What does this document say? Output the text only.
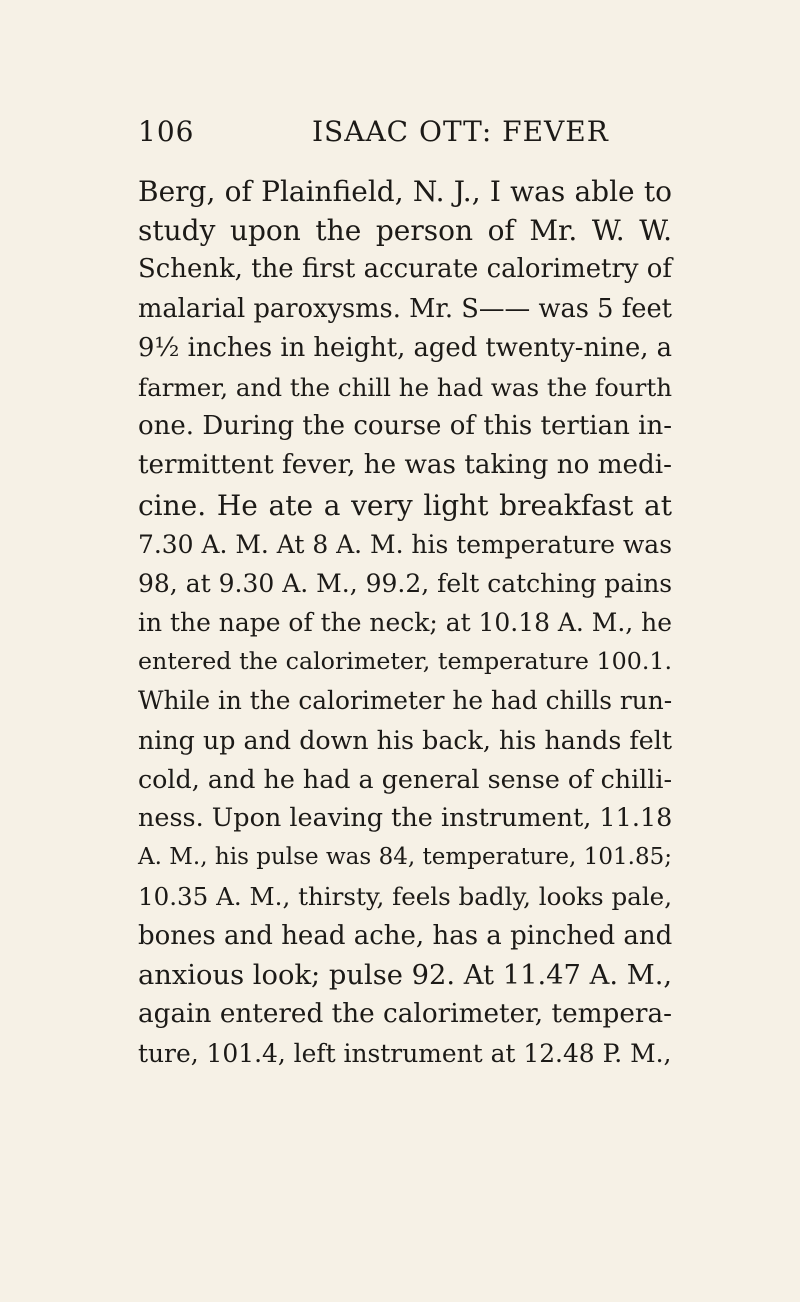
106	ISAAC OTT: FEVER
Berg, of Plainfield, N. J., I was able to
study upon the person of Mr. W. W.
Schenk, the first accurate calorimetry of
malarial paroxysms. Mr. S—— was 5 feet
9½ inches in height, aged twenty-nine, a
farmer, and the chill he had was the fourth
one. During the course of this tertian in-
termittent fever, he was taking no medi-
cine. He ate a very light breakfast at
7.30 A. M. At 8 A. M. his temperature was
98, at 9.30 A. M., 99.2, felt catching pains
in the nape of the neck; at 10.18 A. M., he
entered the calorimeter, temperature 100.1.
While in the calorimeter he had chills run-
ning up and down his back, his hands felt
cold, and he had a general sense of chilli-
ness. Upon leaving the instrument, 11.18
A. M., his pulse was 84, temperature, 101.85;
10.35 A. M., thirsty, feels badly, looks pale,
bones and head ache, has a pinched and
anxious look; pulse 92. At 11.47 A. M.,
again entered the calorimeter, tempera-
ture, 101.4, left instrument at 12.48 P. M.,
